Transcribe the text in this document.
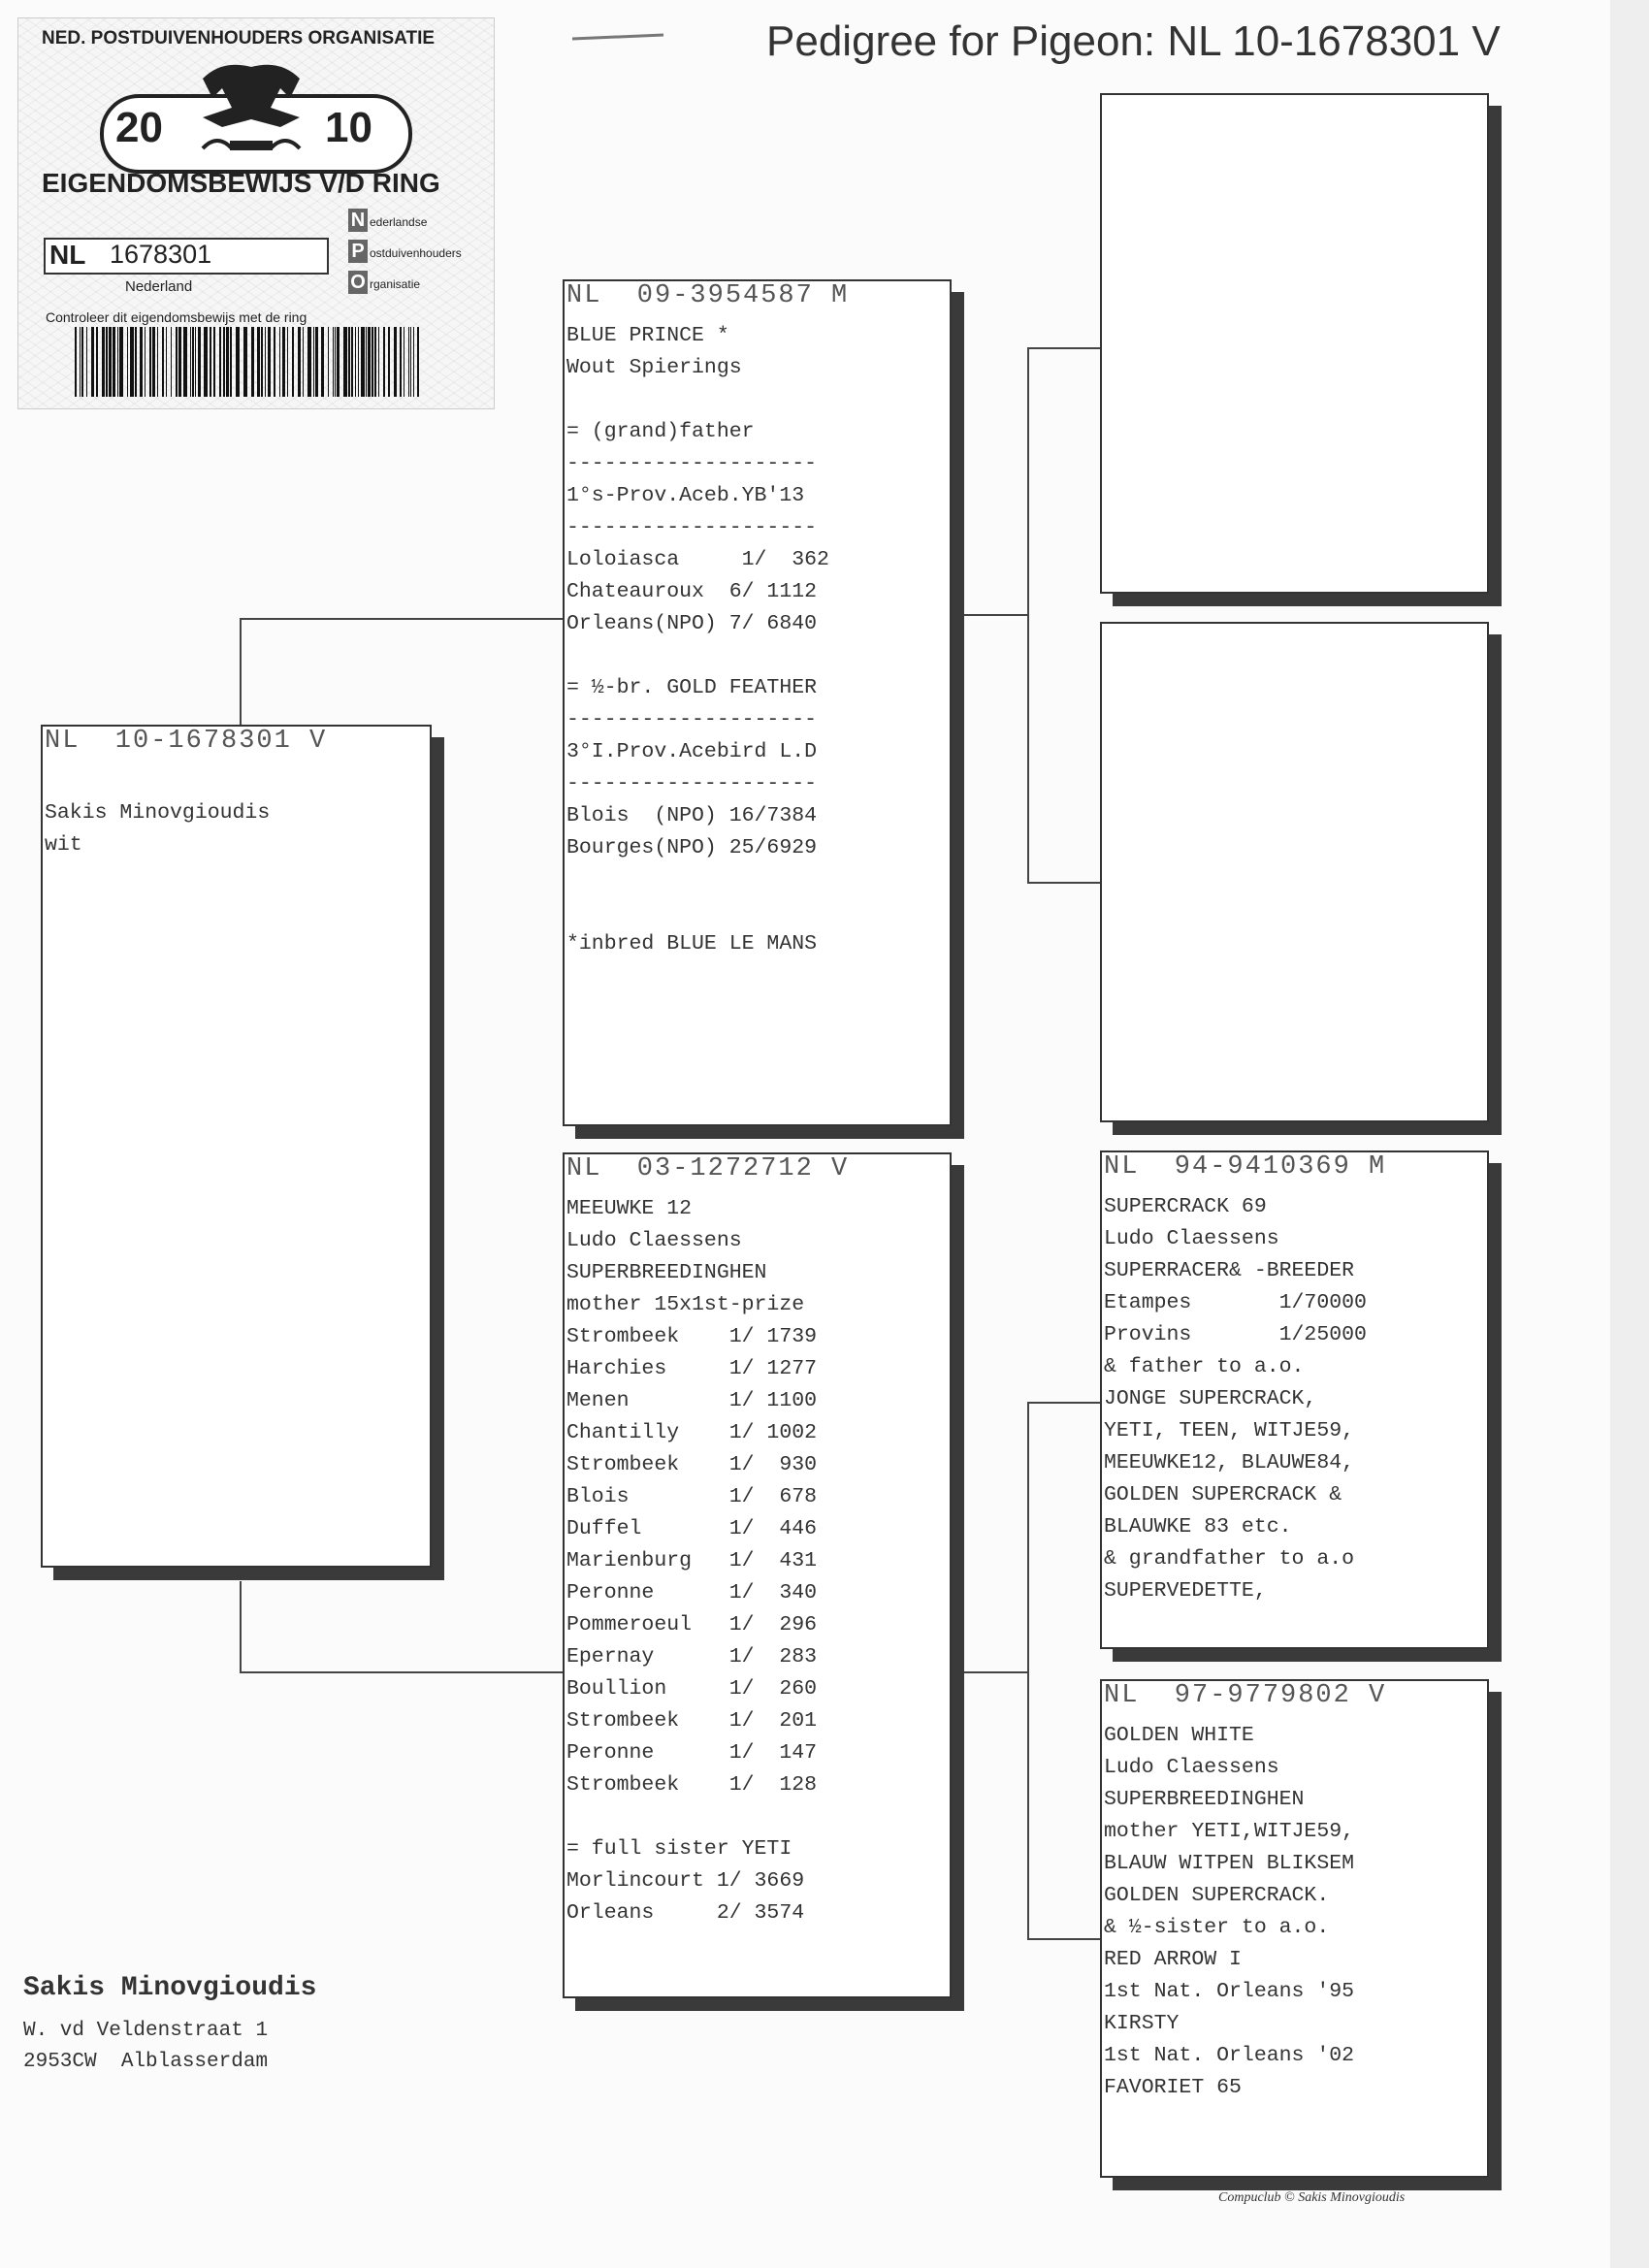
Pedigree for Pigeon: NL 10-1678301 V
NED. POSTDUIVENHOUDERS ORGANISATIE
20	10
EIGENDOMSBEWIJS V/D RING
NL 1678301
Nederland
N ederlandse
P ostduivenhouders
O rganisatie
Controleer dit eigendomsbewijs met de ring
NL  10-1678301 V

Sakis Minovgioudis
wit
NL  09-3954587 M
BLUE PRINCE *
Wout Spierings

= (grand)father
--------------------
1°s-Prov.Aceb.YB'13
--------------------
Loloiasca     1/  362
Chateauroux  6/ 1112
Orleans(NPO) 7/ 6840

= ½-br. GOLD FEATHER
--------------------
3°I.Prov.Acebird L.D
--------------------
Blois  (NPO) 16/7384
Bourges(NPO) 25/6929

*inbred BLUE LE MANS
NL  03-1272712 V
MEEUWKE 12
Ludo Claessens
SUPERBREEDINGHEN
mother 15x1st-prize
Strombeek    1/ 1739
Harchies     1/ 1277
Menen        1/ 1100
Chantilly    1/ 1002
Strombeek    1/  930
Blois        1/  678
Duffel       1/  446
Marienburg   1/  431
Peronne      1/  340
Pommeroeul   1/  296
Epernay      1/  283
Boullion     1/  260
Strombeek    1/  201
Peronne      1/  147
Strombeek    1/  128

= full sister YETI
Morlincourt 1/ 3669
Orleans     2/ 3574
NL  94-9410369 M
SUPERCRACK 69
Ludo Claessens
SUPERRACER& -BREEDER
Etampes       1/70000
Provins       1/25000
& father to a.o.
JONGE SUPERCRACK,
YETI, TEEN, WITJE59,
MEEUWKE12, BLAUWE84,
GOLDEN SUPERCRACK &
BLAUWKE 83 etc.
& grandfather to a.o
SUPERVEDETTE,
NL  97-9779802 V
GOLDEN WHITE
Ludo Claessens
SUPERBREEDINGHEN
mother YETI,WITJE59,
BLAUW WITPEN BLIKSEM
GOLDEN SUPERCRACK.
& ½-sister to a.o.
RED ARROW I
1st Nat. Orleans '95
KIRSTY
1st Nat. Orleans '02
FAVORIET 65
Sakis Minovgioudis
W. vd Veldenstraat 1
2953CW  Alblasserdam
Compuclub © Sakis Minovgioudis
